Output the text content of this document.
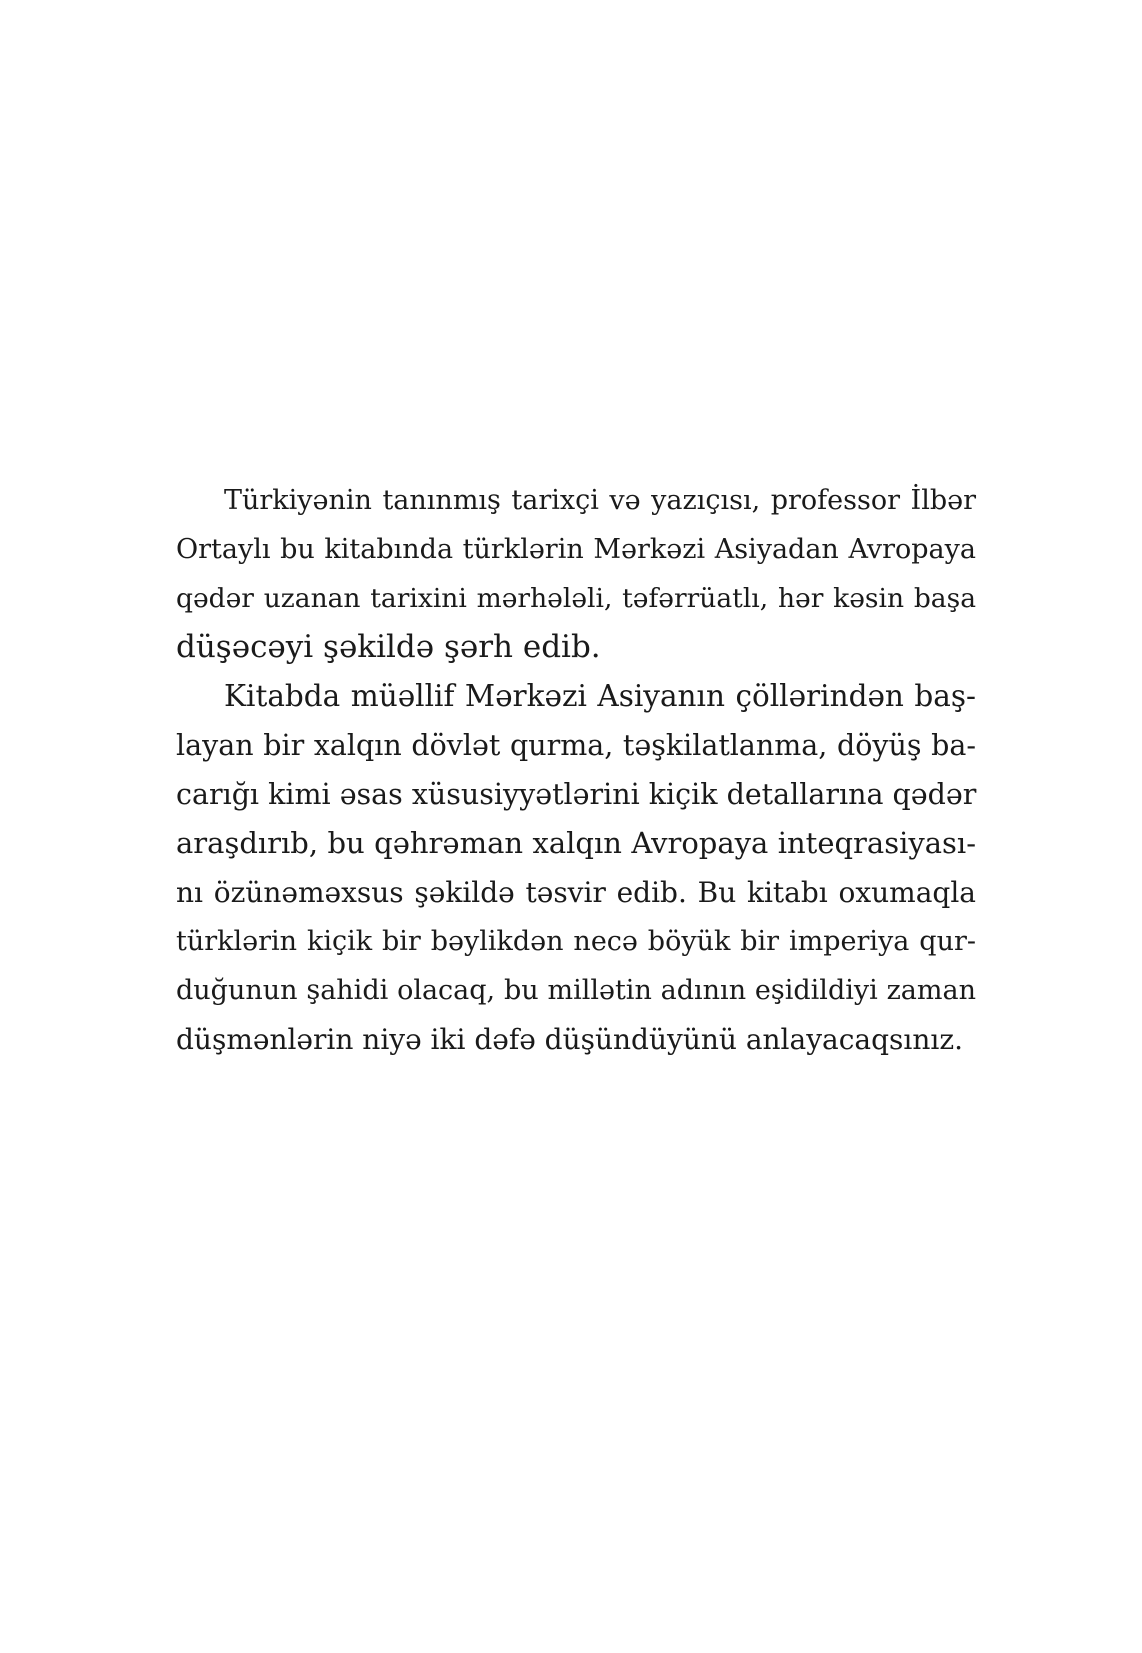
Türkiyənin tanınmış tarixçi və yazıçısı, professor İlbər
Ortaylı bu kitabında türklərin Mərkəzi Asiyadan Avropaya
qədər uzanan tarixini mərhələli, təfərrüatlı, hər kəsin başa
düşəcəyi şəkildə şərh edib.
Kitabda müəllif Mərkəzi Asiyanın çöllərindən baş-
layan bir xalqın dövlət qurma, təşkilatlanma, döyüş ba-
carığı kimi əsas xüsusiyyətlərini kiçik detallarına qədər
araşdırıb, bu qəhrəman xalqın Avropaya inteqrasiyası-
nı özünəməxsus şəkildə təsvir edib. Bu kitabı oxumaqla
türklərin kiçik bir bəylikdən necə böyük bir imperiya qur-
duğunun şahidi olacaq, bu millətin adının eşidildiyi zaman
düşmənlərin niyə iki dəfə düşündüyünü anlayacaqsınız.
